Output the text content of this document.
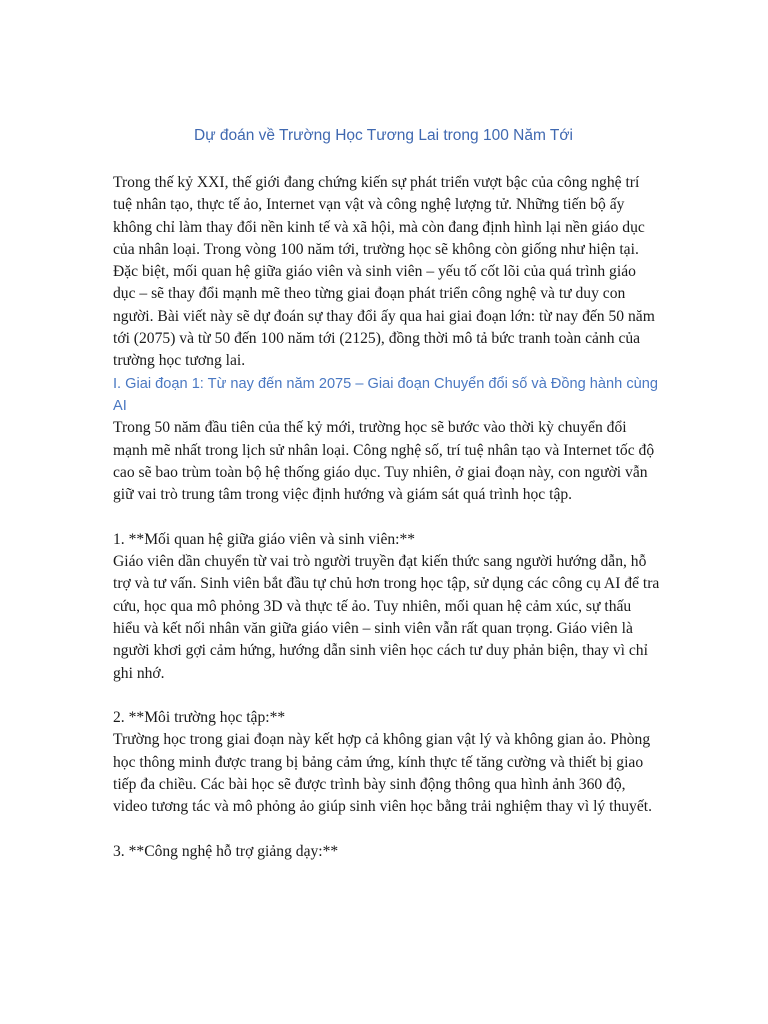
Dự đoán về Trường Học Tương Lai trong 100 Năm Tới

Trong thế kỷ XXI, thế giới đang chứng kiến sự phát triển vượt bậc của công nghệ trí tuệ nhân tạo, thực tế ảo, Internet vạn vật và công nghệ lượng tử. Những tiến bộ ấy không chỉ làm thay đổi nền kinh tế và xã hội, mà còn đang định hình lại nền giáo dục của nhân loại. Trong vòng 100 năm tới, trường học sẽ không còn giống như hiện tại. Đặc biệt, mối quan hệ giữa giáo viên và sinh viên – yếu tố cốt lõi của quá trình giáo dục – sẽ thay đổi mạnh mẽ theo từng giai đoạn phát triển công nghệ và tư duy con người. Bài viết này sẽ dự đoán sự thay đổi ấy qua hai giai đoạn lớn: từ nay đến 50 năm tới (2075) và từ 50 đến 100 năm tới (2125), đồng thời mô tả bức tranh toàn cảnh của trường học tương lai.

I. Giai đoạn 1: Từ nay đến năm 2075 – Giai đoạn Chuyển đổi số và Đồng hành cùng AI

Trong 50 năm đầu tiên của thế kỷ mới, trường học sẽ bước vào thời kỳ chuyển đổi mạnh mẽ nhất trong lịch sử nhân loại. Công nghệ số, trí tuệ nhân tạo và Internet tốc độ cao sẽ bao trùm toàn bộ hệ thống giáo dục. Tuy nhiên, ở giai đoạn này, con người vẫn giữ vai trò trung tâm trong việc định hướng và giám sát quá trình học tập.

1. **Mối quan hệ giữa giáo viên và sinh viên:**

Giáo viên dần chuyển từ vai trò người truyền đạt kiến thức sang người hướng dẫn, hỗ trợ và tư vấn. Sinh viên bắt đầu tự chủ hơn trong học tập, sử dụng các công cụ AI để tra cứu, học qua mô phỏng 3D và thực tế ảo. Tuy nhiên, mối quan hệ cảm xúc, sự thấu hiểu và kết nối nhân văn giữa giáo viên – sinh viên vẫn rất quan trọng. Giáo viên là người khơi gợi cảm hứng, hướng dẫn sinh viên học cách tư duy phản biện, thay vì chỉ ghi nhớ.

2. **Môi trường học tập:**

Trường học trong giai đoạn này kết hợp cả không gian vật lý và không gian ảo. Phòng học thông minh được trang bị bảng cảm ứng, kính thực tế tăng cường và thiết bị giao tiếp đa chiều. Các bài học sẽ được trình bày sinh động thông qua hình ảnh 360 độ, video tương tác và mô phỏng ảo giúp sinh viên học bằng trải nghiệm thay vì lý thuyết.

3. **Công nghệ hỗ trợ giảng dạy:**
